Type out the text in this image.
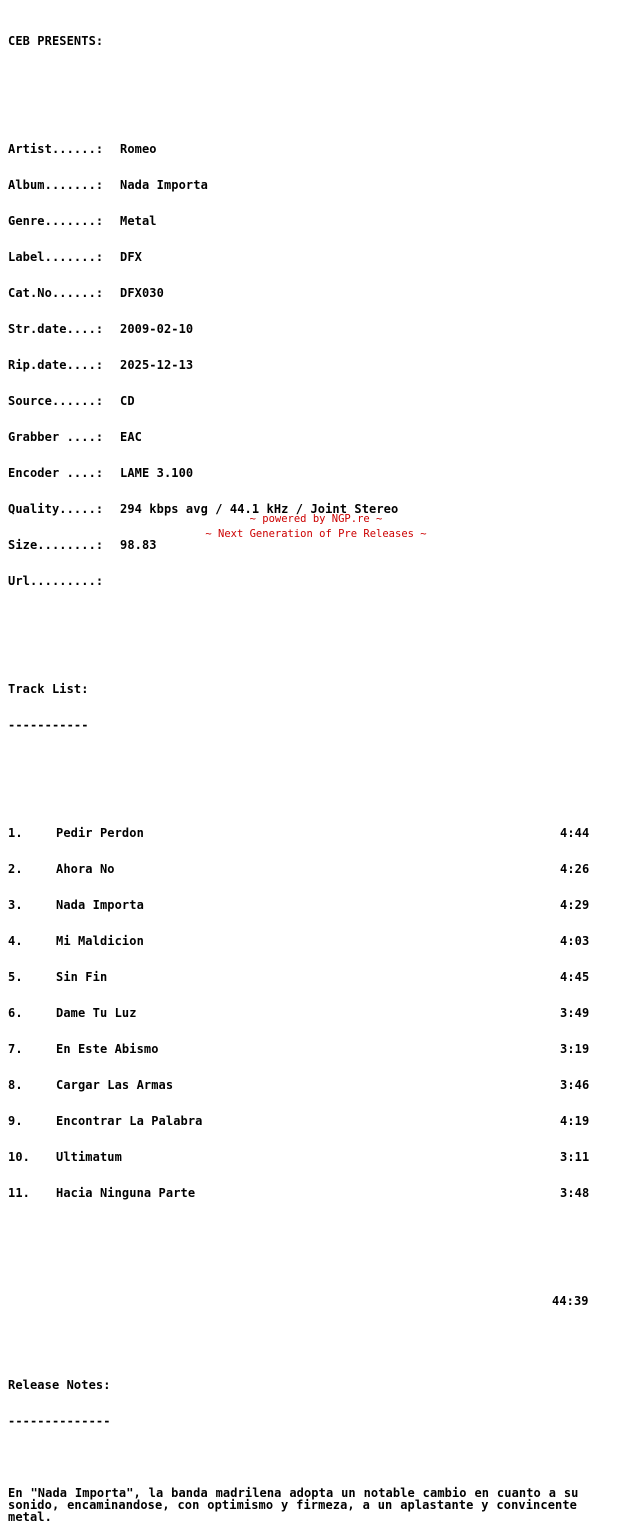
CEB PRESENTS:

Artist......:	Romeo

Album.......:	Nada Importa

Genre.......:	Metal

Label.......:	DFX

Cat.No......:	DFX030

Str.date....:	2009-02-10

Rip.date....:	2025-12-13

Source......:	CD

Grabber ....:	EAC

Encoder ....:	LAME 3.100

Quality.....:	294 kbps avg / 44.1 kHz / Joint Stereo

Size........:	98.83

Url.........:

Track List:

-----------

1.	Pedir Perdon	4:44

2.	Ahora No	4:26

3.	Nada Importa	4:29

4.	Mi Maldicion	4:03

5.	Sin Fin	4:45

6.	Dame Tu Luz	3:49

7.	En Este Abismo	3:19

8.	Cargar Las Armas	3:46

9.	Encontrar La Palabra	4:19

10.	Ultimatum	3:11

11.	Hacia Ninguna Parte	3:48

44:39

Release Notes:

--------------

En "Nada Importa", la banda madrilena adopta un notable cambio en cuanto a su sonido, encaminandose, con optimismo y firmeza, a un aplastante y convincente metal.

~ powered by NGP.re ~
~ Next Generation of Pre Releases ~
